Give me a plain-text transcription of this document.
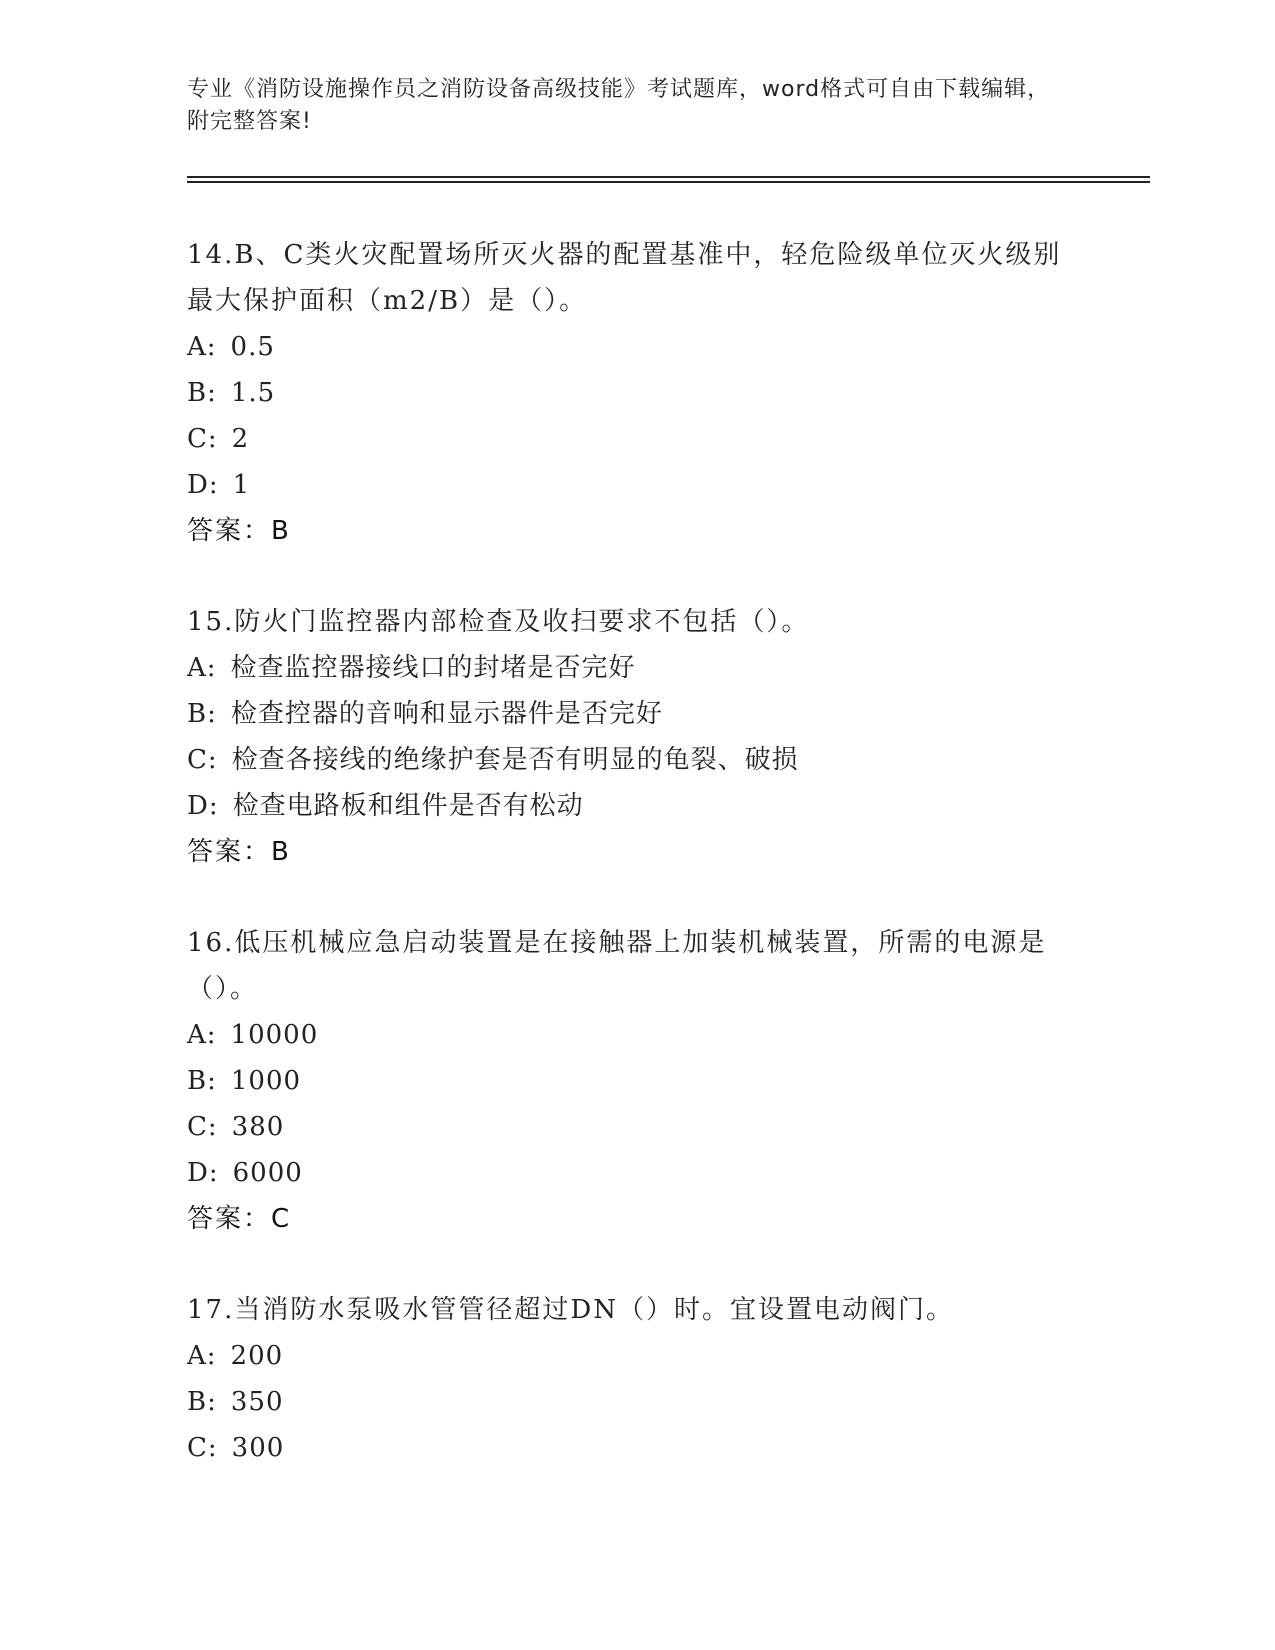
专业《消防设施操作员之消防设备高级技能》考试题库，word格式可自由下载编辑，附完整答案!
14.B、C类火灾配置场所灭火器的配置基准中，轻危险级单位灭火级别最大保护面积（m2/B）是（）。
A: 0.5
B: 1.5
C: 2
D: 1
答案：B
15.防火门监控器内部检查及收扫要求不包括（）。
A: 检查监控器接线口的封堵是否完好
B: 检查控器的音响和显示器件是否完好
C: 检查各接线的绝缘护套是否有明显的龟裂、破损
D: 检查电路板和组件是否有松动
答案：B
16.低压机械应急启动装置是在接触器上加装机械装置，所需的电源是（）。
A: 10000
B: 1000
C: 380
D: 6000
答案：C
17.当消防水泵吸水管管径超过DN（）时。宜设置电动阀门。
A: 200
B: 350
C: 300
